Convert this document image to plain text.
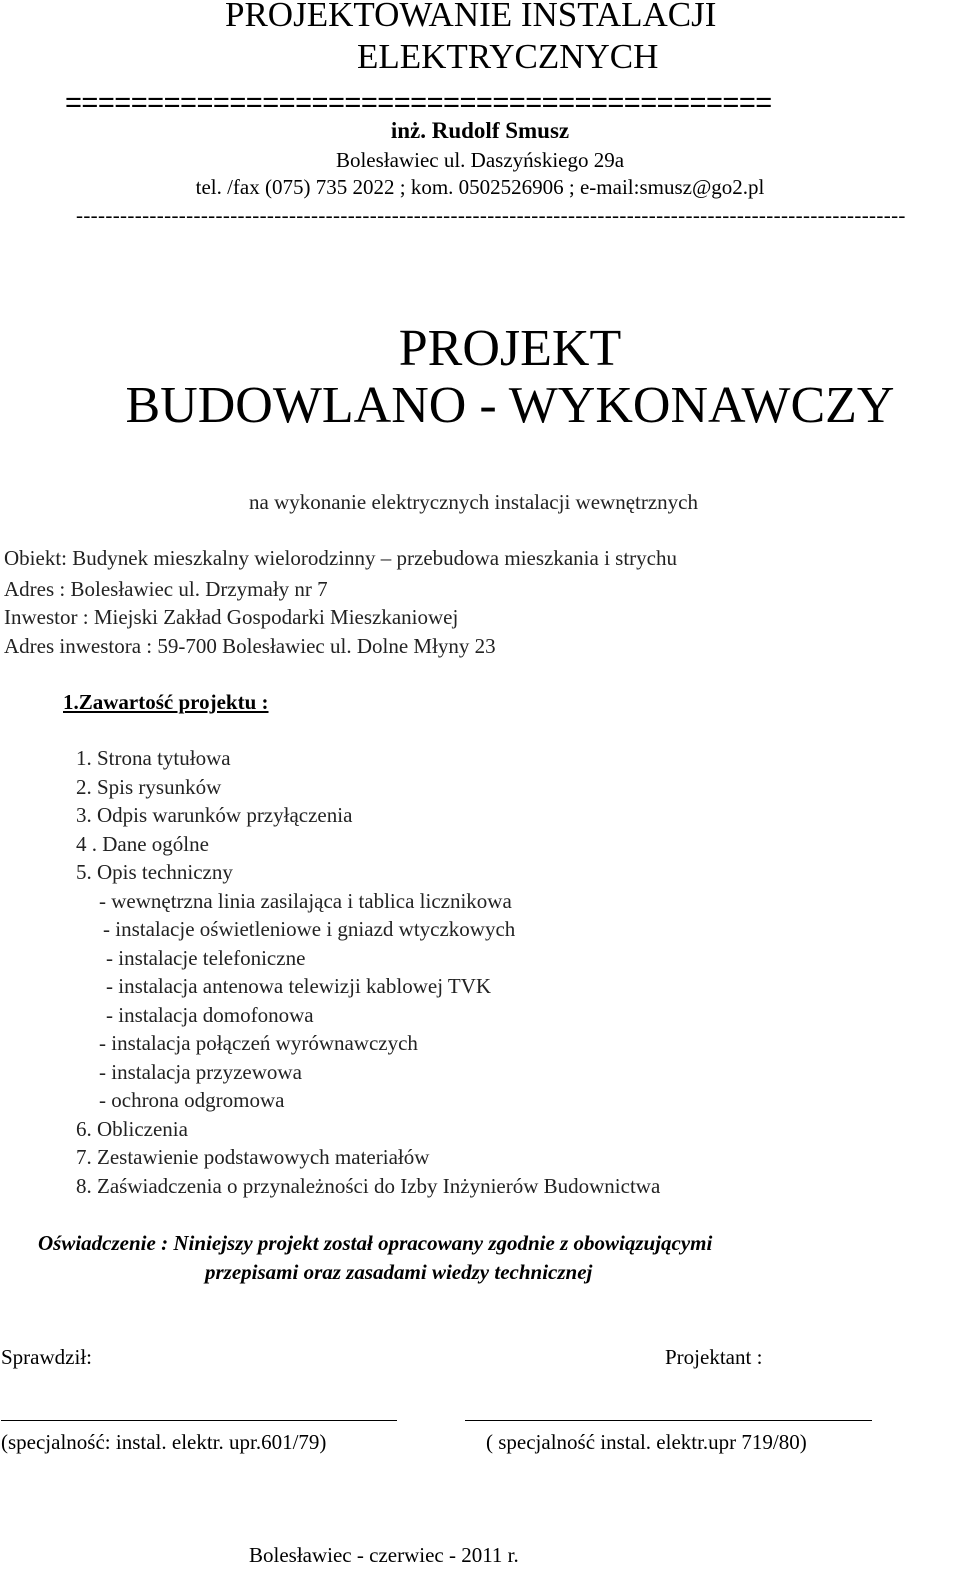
PROJEKTOWANIE INSTALACJI
ELEKTRYCZNYCH
===========================================
inż. Rudolf Smusz
Bolesławiec ul. Daszyńskiego 29a
tel. /fax (075) 735 2022 ; kom. 0502526906 ; e-mail:smusz@go2.pl
-----------------------------------------------------------------------------------------------------------------
PROJEKT
BUDOWLANO - WYKONAWCZY
na wykonanie elektrycznych instalacji wewnętrznych
Obiekt: Budynek mieszkalny wielorodzinny – przebudowa mieszkania i strychu
Adres : Bolesławiec ul. Drzymały nr 7
Inwestor : Miejski Zakład Gospodarki Mieszkaniowej
Adres inwestora : 59-700 Bolesławiec ul. Dolne Młyny 23
1.Zawartość projektu :
1. Strona tytułowa
2. Spis rysunków
3. Odpis warunków przyłączenia
4 . Dane ogólne
5. Opis techniczny
- wewnętrzna linia zasilająca i tablica licznikowa
- instalacje oświetleniowe i gniazd wtyczkowych
- instalacje telefoniczne
- instalacja antenowa telewizji kablowej TVK
- instalacja domofonowa
- instalacja połączeń wyrównawczych
- instalacja przyzewowa
- ochrona odgromowa
6. Obliczenia
7. Zestawienie podstawowych materiałów
8. Zaświadczenia o przynależności do Izby Inżynierów Budownictwa
Oświadczenie : Niniejszy projekt został opracowany zgodnie z obowiązującymi
przepisami oraz zasadami wiedzy technicznej
Sprawdził:	Projektant :
(specjalność: instal. elektr. upr.601/79)	( specjalność instal. elektr.upr 719/80)
Bolesławiec - czerwiec - 2011 r.
